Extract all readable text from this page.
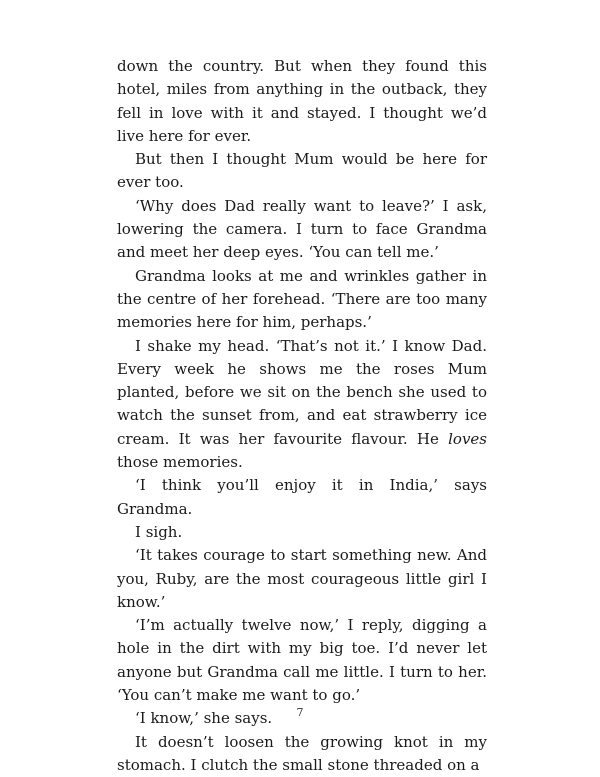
down the country. But when they found this hotel, miles from anything in the outback, they fell in love with it and stayed. I thought we’d live here for ever.

But then I thought Mum would be here for ever too.

‘Why does Dad really want to leave?’ I ask, lowering the camera. I turn to face Grandma and meet her deep eyes. ‘You can tell me.’

Grandma looks at me and wrinkles gather in the centre of her forehead. ‘There are too many memories here for him, perhaps.’

I shake my head. ‘That’s not it.’ I know Dad. Every week he shows me the roses Mum planted, before we sit on the bench she used to watch the sunset from, and eat strawberry ice cream. It was her favourite flavour. He loves those memories.

‘I think you’ll enjoy it in India,’ says Grandma.

I sigh.

‘It takes courage to start something new. And you, Ruby, are the most courageous little girl I know.’

‘I’m actually twelve now,’ I reply, digging a hole in the dirt with my big toe. I’d never let anyone but Grandma call me little. I turn to her. ‘You can’t make me want to go.’

‘I know,’ she says.

It doesn’t loosen the growing knot in my stomach. I clutch the small stone threaded on a

7
